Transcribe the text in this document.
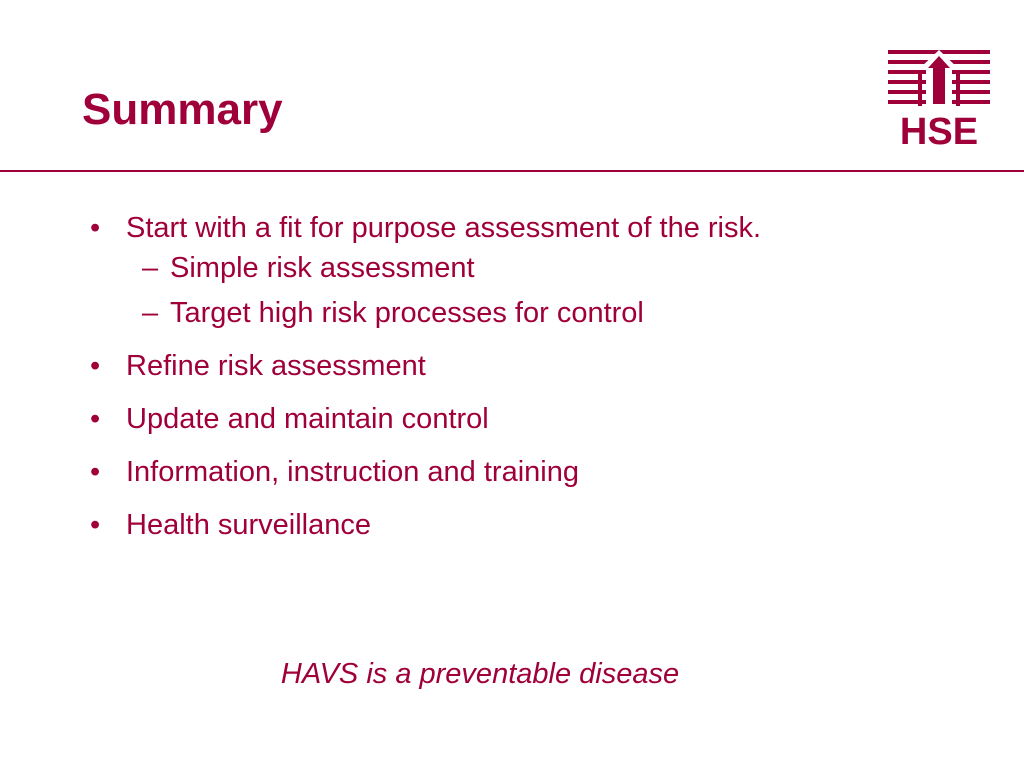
Summary	HSE
• Start with a fit for purpose assessment of the risk.
– Simple risk assessment
– Target high risk processes for control
• Refine risk assessment
• Update and maintain control
• Information, instruction and training
• Health surveillance
HAVS is a preventable disease
